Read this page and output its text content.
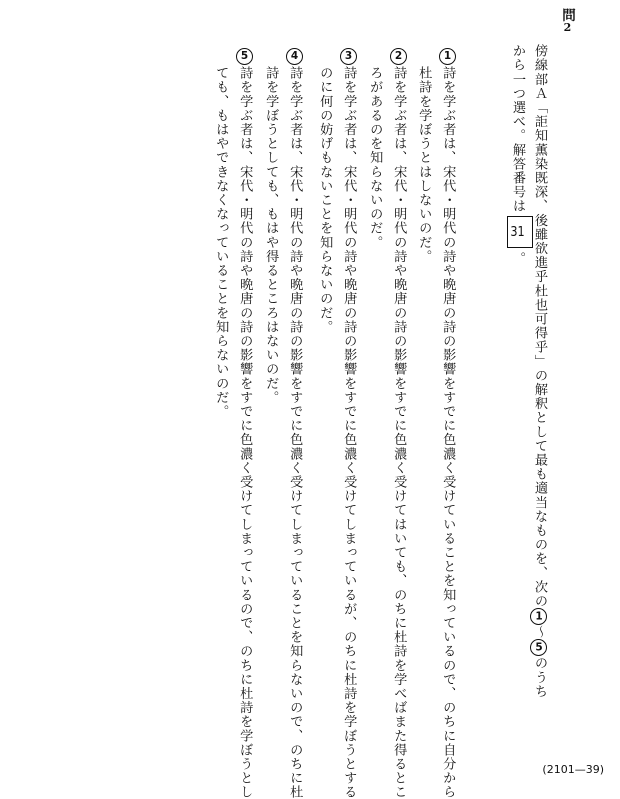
問2
傍線部Ａ「詎知薫染既深、後雖欲進乎杜也可得乎」の解釈として最も適当なものを、次の1〜5のうち
から一つ選べ。解答番号は31。
1
詩を学ぶ者は、宋代・明代の詩や晩唐の詩の影響をすでに色濃く受けていることを知っているので、のちに自分から
杜詩を学ぼうとはしないのだ。
2
詩を学ぶ者は、宋代・明代の詩や晩唐の詩の影響をすでに色濃く受けてはいても、のちに杜詩を学べばまた得るとこ
ろがあるのを知らないのだ。
3
詩を学ぶ者は、宋代・明代の詩や晩唐の詩の影響をすでに色濃く受けてしまっているが、のちに杜詩を学ぼうとする
のに何の妨げもないことを知らないのだ。
4
詩を学ぶ者は、宋代・明代の詩や晩唐の詩の影響をすでに色濃く受けてしまっていることを知らないので、のちに杜
詩を学ぼうとしても、もはや得るところはないのだ。
5
詩を学ぶ者は、宋代・明代の詩や晩唐の詩の影響をすでに色濃く受けてしまっているので、のちに杜詩を学ぼうとし
ても、もはやできなくなっていることを知らないのだ。
(2101—39)
